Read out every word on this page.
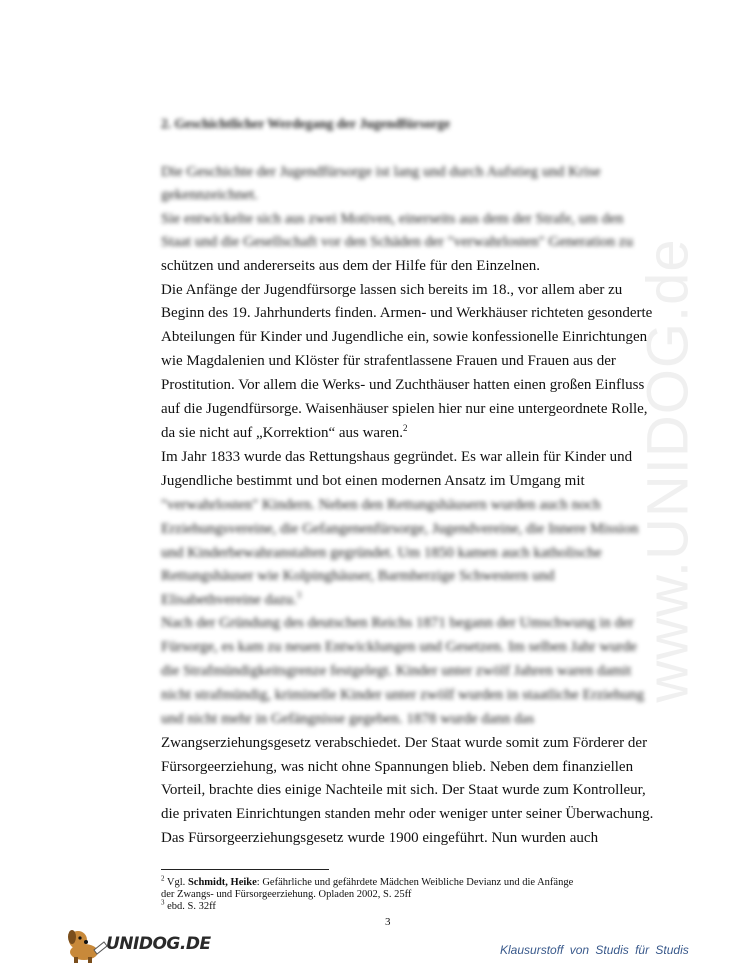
www.UNIDOG.de
2. Geschichtlicher Werdegang der Jugendfürsorge
Die Geschichte der Jugendfürsorge ist lang und durch Aufstieg und Krise
gekennzeichnet.
Sie entwickelte sich aus zwei Motiven, einerseits aus dem der Strafe, um den
Staat und die Gesellschaft vor den Schäden der "verwahrlosten" Generation zu
schützen und andererseits aus dem der Hilfe für den Einzelnen.
Die Anfänge der Jugendfürsorge lassen sich bereits im 18., vor allem aber zu
Beginn des 19. Jahrhunderts finden. Armen- und Werkhäuser richteten gesonderte
Abteilungen für Kinder und Jugendliche ein, sowie konfessionelle Einrichtungen
wie Magdalenien und Klöster für strafentlassene Frauen und Frauen aus der
Prostitution. Vor allem die Werks- und Zuchthäuser hatten einen großen Einfluss
auf die Jugendfürsorge. Waisenhäuser spielen hier nur eine untergeordnete Rolle,
da sie nicht auf „Korrektion“ aus waren.$^2$
Im Jahr 1833 wurde das Rettungshaus gegründet. Es war allein für Kinder und
Jugendliche bestimmt und bot einen modernen Ansatz im Umgang mit
"verwahrlosten" Kindern. Neben den Rettungshäusern wurden auch noch
Erziehungsvereine, die Gefangenenfürsorge, Jugendvereine, die Innere Mission
und Kinderbewahranstalten gegründet. Um 1850 kamen auch katholische
Rettungshäuser wie Kolpinghäuser, Barmherzige Schwestern und
Elisabethvereine dazu.$^3$
Nach der Gründung des deutschen Reichs 1871 begann der Umschwung in der
Fürsorge, es kam zu neuen Entwicklungen und Gesetzen. Im selben Jahr wurde
die Strafmündigkeitsgrenze festgelegt. Kinder unter zwölf Jahren waren damit
nicht strafmündig, kriminelle Kinder unter zwölf wurden in staatliche Erziehung
und nicht mehr in Gefängnisse gegeben. 1878 wurde dann das
Zwangserziehungsgesetz verabschiedet. Der Staat wurde somit zum Förderer der
Fürsorgeerziehung, was nicht ohne Spannungen blieb. Neben dem finanziellen
Vorteil, brachte dies einige Nachteile mit sich. Der Staat wurde zum Kontrolleur,
die privaten Einrichtungen standen mehr oder weniger unter seiner Überwachung.
Das Fürsorgeerziehungsgesetz wurde 1900 eingeführt. Nun wurden auch
$^2$ Vgl. Schmidt, Heike: Gefährliche und gefährdete Mädchen Weibliche Devianz und die Anfänge
der Zwangs- und Fürsorgeerziehung. Opladen 2002, S. 25ff
$^3$ ebd. S. 32ff
3
UNIDOG.DE	Klausurstoff von Studis für Studis
